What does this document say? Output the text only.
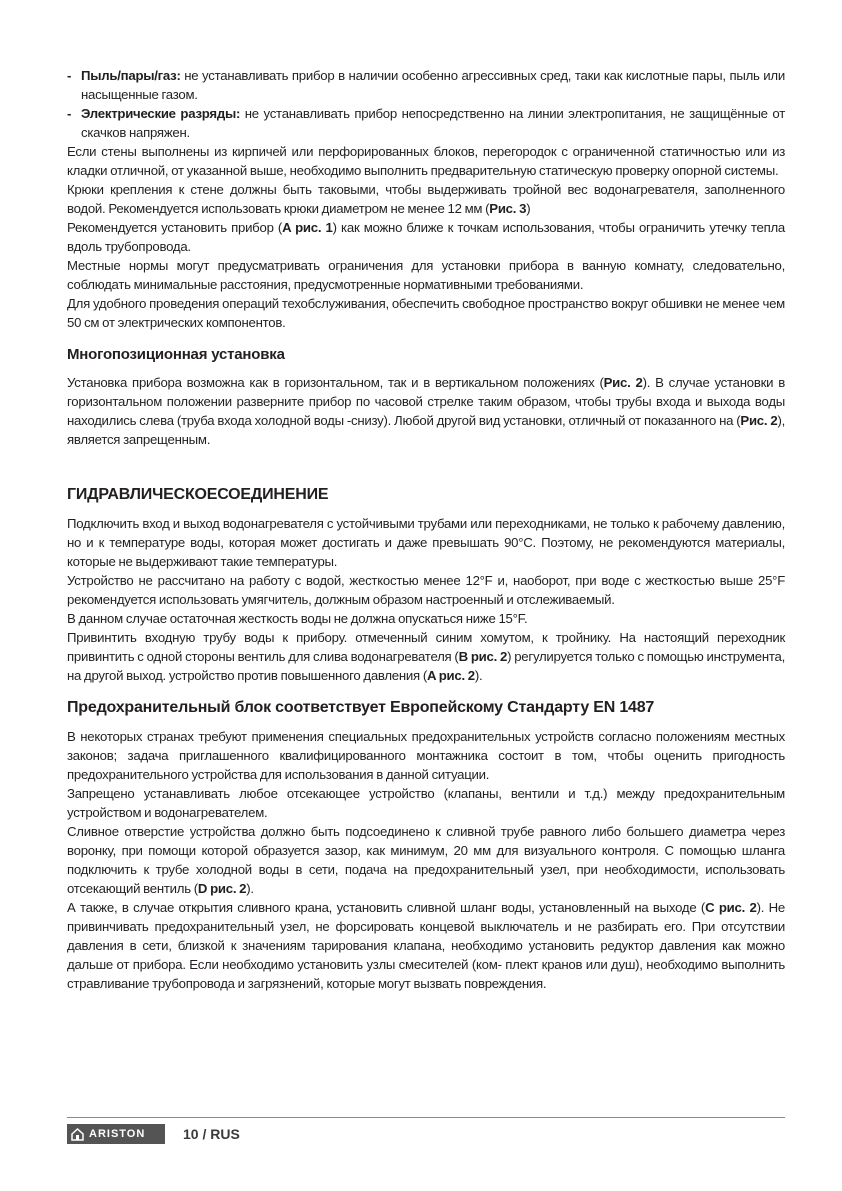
- Пыль/пары/газ: не устанавливать прибор в наличии особенно агрессивных сред, таки как кислотные пары, пыль или насыщенные газом.

- Электрические разряды: не устанавливать прибор непосредственно на линии электропитания, не защищённые от скачков напряжен.

Если стены выполнены из кирпичей или перфорированных блоков, перегородок с ограниченной статичностью или из кладки отличной, от указанной выше, необходимо выполнить предварительную статическую проверку опорной системы.

Крюки крепления к стене должны быть таковыми, чтобы выдерживать тройной вес водонагревателя, заполненного водой. Рекомендуется использовать крюки диаметром не менее 12 мм (Рис. 3)

Рекомендуется установить прибор (A рис. 1) как можно ближе к точкам использования, чтобы ограничить утечку тепла вдоль трубопровода.

Местные нормы могут предусматривать ограничения для установки прибора в ванную комнату, следовательно, соблюдать минимальные расстояния, предусмотренные нормативными требованиями.

Для удобного проведения операций техобслуживания, обеспечить свободное пространство вокруг обшивки не менее чем 50 см от электрических компонентов.

Многопозиционная установка

Установка прибора возможна как в горизонтальном, так и в вертикальном положениях (Рис. 2). В случае установки в горизонтальном положении разверните прибор по часовой стрелке таким образом, чтобы трубы входа и выхода воды находились слева (труба входа холодной воды -снизу). Любой другой вид установки, отличный от показанного на (Рис. 2), является запрещенным.

ГИДРАВЛИЧЕСКОЕСОЕДИНЕНИЕ

Подключить вход и выход водонагревателя с устойчивыми трубами или переходниками, не только к рабочему давлению, но и к температуре воды, которая может достигать и даже превышать 90°C. Поэтому, не рекомендуются материалы, которые не выдерживают такие температуры.

Устройство не рассчитано на работу с водой, жесткостью менее 12°F и, наоборот, при воде с жесткостью выше 25°F рекомендуется использовать умягчитель, должным образом настроенный и отслеживаемый.

В данном случае остаточная жесткость воды не должна опускаться ниже 15°F.

Привинтить входную трубу воды к прибору. отмеченный синим хомутом, к тройнику. На настоящий переходник привинтить с одной стороны вентиль для слива водонагревателя (B рис. 2) регулируется только с помощью инструмента, на другой выход. устройство против повышенного давления (A рис. 2).

Предохранительный блок соответствует Европейскому Стандарту EN 1487

В некоторых странах требуют применения специальных предохранительных устройств согласно положениям местных законов; задача приглашенного квалифицированного монтажника состоит в том, чтобы оценить пригодность предохранительного устройства для использования в данной ситуации.

Запрещено устанавливать любое отсекающее устройство (клапаны, вентили и т.д.) между предохранительным устройством и водонагревателем.

Сливное отверстие устройства должно быть подсоединено к сливной трубе равного либо большего диаметра через воронку, при помощи которой образуется зазор, как минимум, 20 мм для визуального контроля. С помощью шланга подключить к трубе холодной воды в сети, подача на предохранительный узел, при необходимости, использовать отсекающий вентиль (D рис. 2).

А также, в случае открытия сливного крана, установить сливной шланг воды, установленный на выходе (C рис. 2). Не привинчивать предохранительный узел, не форсировать концевой выключатель и не разбирать его. При отсутствии давления в сети, близкой к значениям тарирования клапана, необходимо установить редуктор давления как можно дальше от прибора. Если необходимо установить узлы смесителей (ком- плект кранов или душ), необходимо выполнить стравливание трубопровода и загрязнений, которые могут вызвать повреждения.

ARISTON	10 / RUS
